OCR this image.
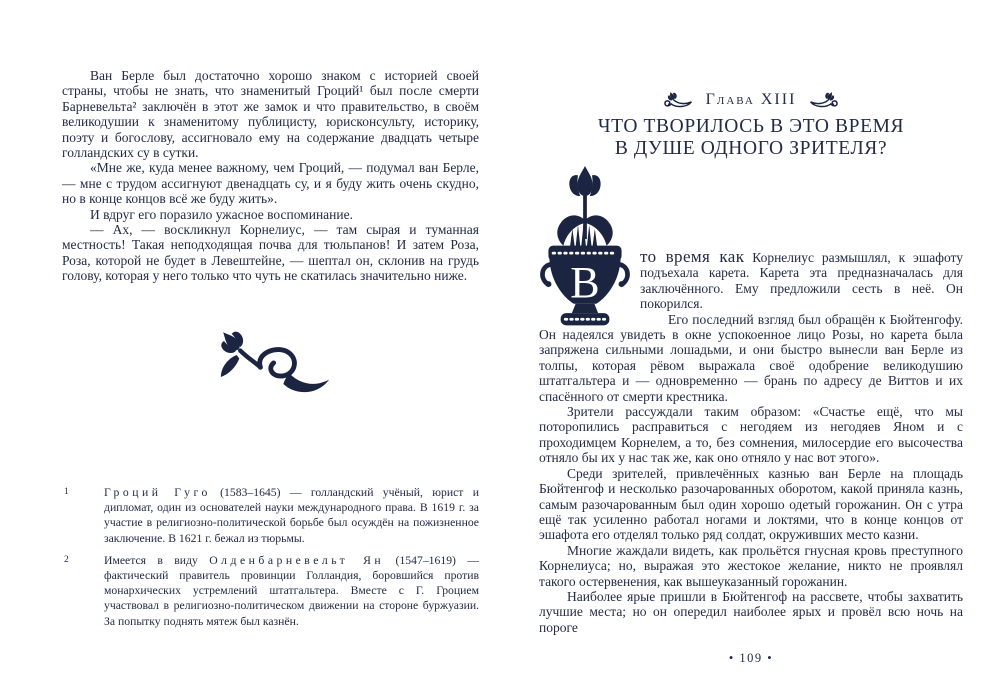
Ван Берле был достаточно хорошо знаком с историей своей страны, чтобы не знать, что знаменитый Гроций¹ был после смерти Барневельта² заключён в этот же замок и что правительство, в своём великодушии к знаменитому публицисту, юрисконсульту, историку, поэту и богослову, ассигновало ему на содержание двадцать четыре голландских су в сутки.

«Мне же, куда менее важному, чем Гроций, — подумал ван Берле, — мне с трудом ассигнуют двенадцать су, и я буду жить очень скудно, но в конце концов всё же буду жить».

И вдруг его поразило ужасное воспоминание.

— Ах, — воскликнул Корнелиус, — там сырая и туманная местность! Такая неподходящая почва для тюльпанов! И затем Роза, Роза, которой не будет в Левештейне, — шептал он, склонив на грудь голову, которая у него только что чуть не скатилась значительно ниже.

1	Гроций Гуго (1583–1645) — голландский учёный, юрист и дипломат, один из основателей науки международного права. В 1619 г. за участие в религиозно-политической борьбе был осуждён на пожизненное заключение. В 1621 г. бежал из тюрьмы.
2	Имеется в виду Олденбарневельт Ян (1547–1619) — фактический правитель провинции Голландия, боровшийся против монархических устремлений штатгальтера. Вместе с Г. Гроцием участвовал в религиозно-политическом движении на стороне буржуазии. За попытку поднять мятеж был казнён.
Глава XIII
ЧТО ТВОРИЛОСЬ В ЭТО ВРЕМЯ
В ДУШЕ ОДНОГО ЗРИТЕЛЯ?
В

то время как Корнелиус размышлял, к эшафоту подъехала карета. Карета эта предназначалась для заключённого. Ему предложили сесть в неё. Он покорился.

Его последний взгляд был обращён к Бюйтенгофу. Он надеялся увидеть в окне успокоенное лицо Розы, но карета была запряжена сильными лошадьми, и они быстро вынесли ван Берле из толпы, которая рёвом выражала своё одобрение великодушию штатгальтера и — одновременно — брань по адресу де Виттов и их спасённого от смерти крестника.

Зрители рассуждали таким образом: «Счастье ещё, что мы поторопились расправиться с негодяем из негодяев Яном и с проходимцем Корнелем, а то, без сомнения, милосердие его высочества отняло бы их у нас так же, как оно отняло у нас вот этого».

Среди зрителей, привлечённых казнью ван Берле на площадь Бюйтенгоф и несколько разочарованных оборотом, какой приняла казнь, самым разочарованным был один хорошо одетый горожанин. Он с утра ещё так усиленно работал ногами и локтями, что в конце концов от эшафота его отделял только ряд солдат, окруживших место казни.

Многие жаждали видеть, как прольётся гнусная кровь преступного Корнелиуса; но, выражая это жестокое желание, никто не проявлял такого остервенения, как вышеуказанный горожанин.

Наиболее ярые пришли в Бюйтенгоф на рассвете, чтобы захватить лучшие места; но он опередил наиболее ярых и провёл всю ночь на пороге

• 109 •
